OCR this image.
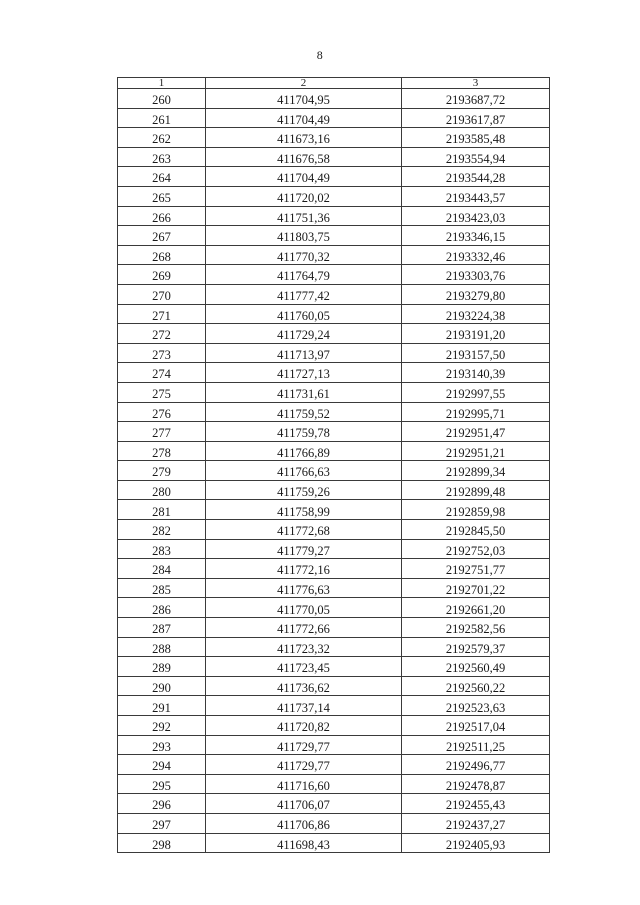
8
1	2	3
260	411704,95	2193687,72
261	411704,49	2193617,87
262	411673,16	2193585,48
263	411676,58	2193554,94
264	411704,49	2193544,28
265	411720,02	2193443,57
266	411751,36	2193423,03
267	411803,75	2193346,15
268	411770,32	2193332,46
269	411764,79	2193303,76
270	411777,42	2193279,80
271	411760,05	2193224,38
272	411729,24	2193191,20
273	411713,97	2193157,50
274	411727,13	2193140,39
275	411731,61	2192997,55
276	411759,52	2192995,71
277	411759,78	2192951,47
278	411766,89	2192951,21
279	411766,63	2192899,34
280	411759,26	2192899,48
281	411758,99	2192859,98
282	411772,68	2192845,50
283	411779,27	2192752,03
284	411772,16	2192751,77
285	411776,63	2192701,22
286	411770,05	2192661,20
287	411772,66	2192582,56
288	411723,32	2192579,37
289	411723,45	2192560,49
290	411736,62	2192560,22
291	411737,14	2192523,63
292	411720,82	2192517,04
293	411729,77	2192511,25
294	411729,77	2192496,77
295	411716,60	2192478,87
296	411706,07	2192455,43
297	411706,86	2192437,27
298	411698,43	2192405,93
